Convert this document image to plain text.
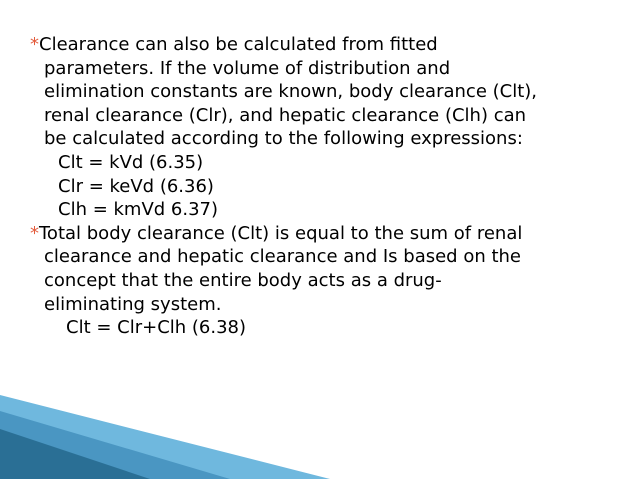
*Clearance can also be calculated from fitted
parameters. If the volume of distribution and
elimination constants are known, body clearance (Clt),
renal clearance (Clr), and hepatic clearance (Clh) can
be calculated according to the following expressions:
Clt = kVd (6.35)
Clr = keVd (6.36)
Clh = kmVd 6.37)
*Total body clearance (Clt) is equal to the sum of renal
clearance and hepatic clearance and Is based on the
concept that the entire body acts as a drug-
eliminating system.
Clt = Clr+Clh (6.38)
